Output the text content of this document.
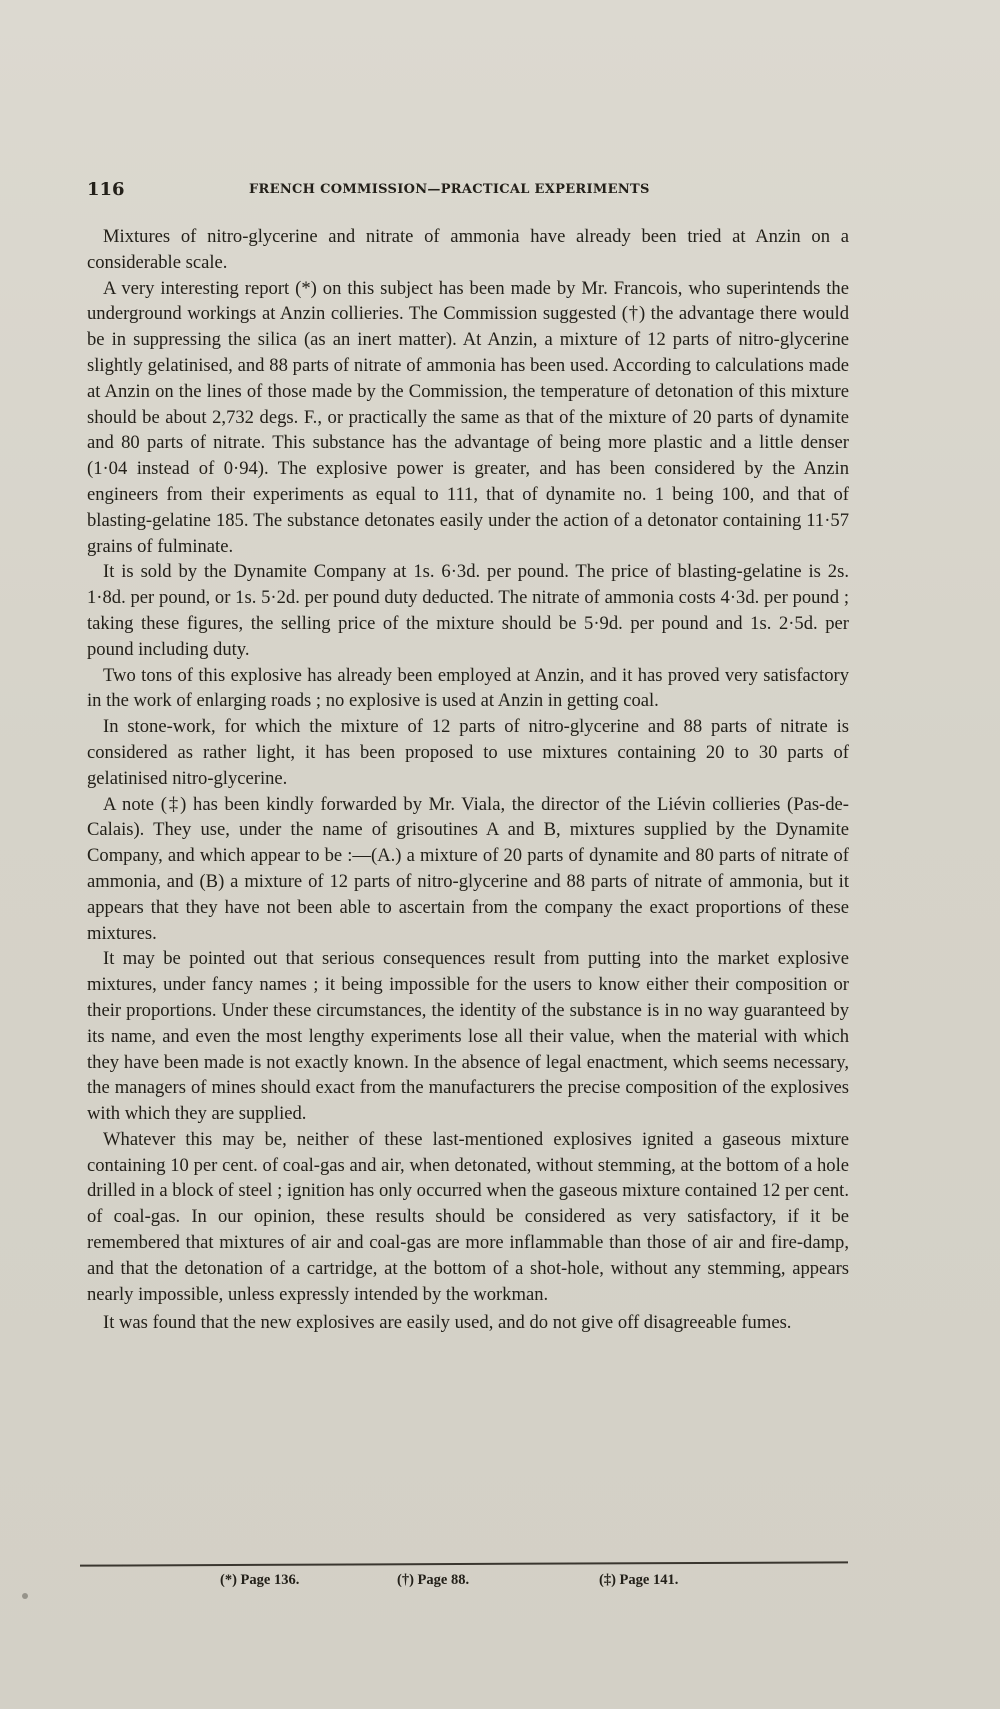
116	FRENCH COMMISSION—PRACTICAL EXPERIMENTS

Mixtures of nitro-glycerine and nitrate of ammonia have already been tried at Anzin on a considerable scale.

A very interesting report (*) on this subject has been made by Mr. Francois, who superintends the underground workings at Anzin collieries. The Commission suggested (†) the advantage there would be in suppressing the silica (as an inert matter). At Anzin, a mixture of 12 parts of nitro-glycerine slightly gelatinised, and 88 parts of nitrate of ammonia has been used. According to calculations made at Anzin on the lines of those made by the Commission, the temperature of detonation of this mixture should be about 2,732 degs. F., or practically the same as that of the mixture of 20 parts of dynamite and 80 parts of nitrate. This substance has the advantage of being more plastic and a little denser (1·04 instead of 0·94). The explosive power is greater, and has been considered by the Anzin engineers from their experiments as equal to 111, that of dynamite no. 1 being 100, and that of blasting-gelatine 185. The substance detonates easily under the action of a detonator containing 11·57 grains of fulminate.

It is sold by the Dynamite Company at 1s. 6·3d. per pound. The price of blasting-gelatine is 2s. 1·8d. per pound, or 1s. 5·2d. per pound duty deducted. The nitrate of ammonia costs 4·3d. per pound ; taking these figures, the selling price of the mixture should be 5·9d. per pound and 1s. 2·5d. per pound including duty.

Two tons of this explosive has already been employed at Anzin, and it has proved very satisfactory in the work of enlarging roads ; no explosive is used at Anzin in getting coal.

In stone-work, for which the mixture of 12 parts of nitro-glycerine and 88 parts of nitrate is considered as rather light, it has been proposed to use mixtures containing 20 to 30 parts of gelatinised nitro-glycerine.

A note (‡) has been kindly forwarded by Mr. Viala, the director of the Liévin collieries (Pas-de-Calais). They use, under the name of grisoutines A and B, mixtures supplied by the Dynamite Company, and which appear to be :—(A.) a mixture of 20 parts of dynamite and 80 parts of nitrate of ammonia, and (B) a mixture of 12 parts of nitro-glycerine and 88 parts of nitrate of ammonia, but it appears that they have not been able to ascertain from the company the exact proportions of these mixtures.

It may be pointed out that serious consequences result from putting into the market explosive mixtures, under fancy names ; it being impossible for the users to know either their composition or their proportions. Under these circumstances, the identity of the substance is in no way guaranteed by its name, and even the most lengthy experiments lose all their value, when the material with which they have been made is not exactly known. In the absence of legal enactment, which seems necessary, the managers of mines should exact from the manufacturers the precise composition of the explosives with which they are supplied.

Whatever this may be, neither of these last-mentioned explosives ignited a gaseous mixture containing 10 per cent. of coal-gas and air, when detonated, without stemming, at the bottom of a hole drilled in a block of steel ; ignition has only occurred when the gaseous mixture contained 12 per cent. of coal-gas. In our opinion, these results should be considered as very satisfactory, if it be remembered that mixtures of air and coal-gas are more inflammable than those of air and fire-damp, and that the detonation of a cartridge, at the bottom of a shot-hole, without any stemming, appears nearly impossible, unless expressly intended by the workman.

It was found that the new explosives are easily used, and do not give off disagreeable fumes.

(*) Page 136.	(†) Page 88.	(‡) Page 141.
